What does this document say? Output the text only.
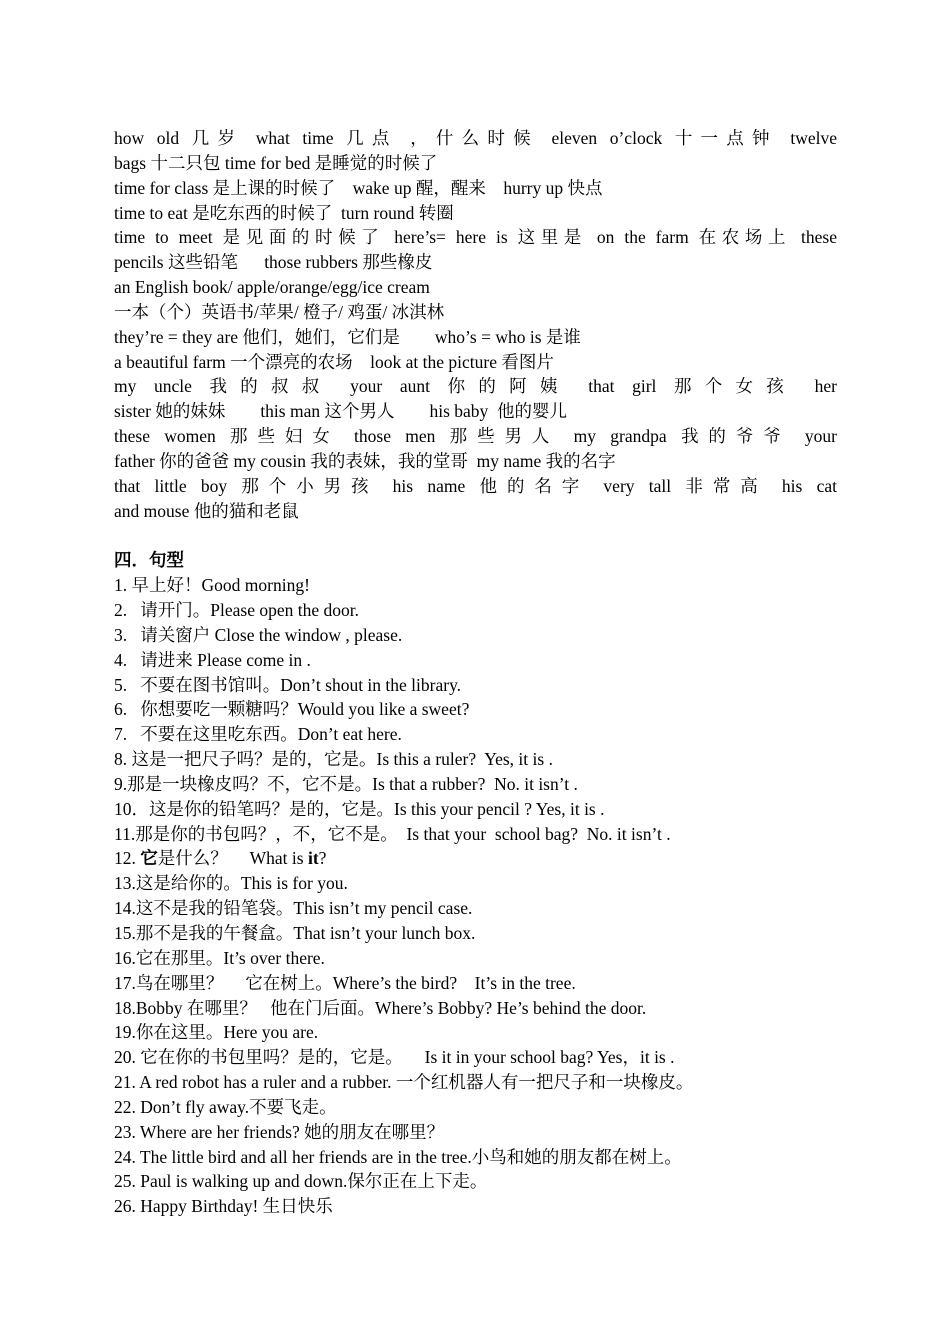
how old 几岁 what time 几点 ，什么时候 eleven o’clock 十一点钟 twelve
bags 十二只包 time for bed 是睡觉的时候了
time for class 是上课的时候了    wake up 醒，醒来    hurry up 快点
time to eat 是吃东西的时候了  turn round 转圈
time to meet 是见面的时候了 here’s= here is 这里是 on the farm 在农场上 these
pencils 这些铅笔      those rubbers 那些橡皮
an English book/ apple/orange/egg/ice cream
一本（个）英语书/苹果/ 橙子/ 鸡蛋/ 冰淇林
they’re = they are 他们，她们，它们是        who’s = who is 是谁
a beautiful farm 一个漂亮的农场    look at the picture 看图片
my uncle 我的叔叔 your aunt 你的阿姨 that girl 那个女孩 her
sister 她的妹妹        this man 这个男人        his baby  他的婴儿
these women 那些妇女 those men 那些男人 my grandpa 我的爷爷 your
father 你的爸爸 my cousin 我的表妹，我的堂哥  my name 我的名字
that little boy 那个小男孩 his name 他的名字 very tall 非常高 his cat
and mouse 他的猫和老鼠
四．句型
1. 早上好！Good morning!
2.   请开门。Please open the door.
3.   请关窗户 Close the window , please.
4.   请进来 Please come in .
5.   不要在图书馆叫。Don’t shout in the library.
6.   你想要吃一颗糖吗？Would you like a sweet?
7.   不要在这里吃东西。Don’t eat here.
8. 这是一把尺子吗？是的，它是。Is this a ruler?  Yes, it is .
9.那是一块橡皮吗？不，它不是。Is that a rubber?  No. it isn’t .
10．这是你的铅笔吗？是的，它是。Is this your pencil ? Yes, it is .
11.那是你的书包吗？，不，它不是。  Is that your  school bag?  No. it isn’t .
12. 它是什么？     What is it?
13.这是给你的。This is for you.
14.这不是我的铅笔袋。This isn’t my pencil case.
15.那不是我的午餐盒。That isn’t your lunch box.
16.它在那里。It’s over there.
17.鸟在哪里？     它在树上。Where’s the bird?    It’s in the tree.
18.Bobby 在哪里？   他在门后面。Where’s Bobby? He’s behind the door.
19.你在这里。Here you are.
20. 它在你的书包里吗？是的，它是。     Is it in your school bag? Yes，it is .
21. A red robot has a ruler and a rubber. 一个红机器人有一把尺子和一块橡皮。
22. Don’t fly away.不要飞走。
23. Where are her friends? 她的朋友在哪里？
24. The little bird and all her friends are in the tree.小鸟和她的朋友都在树上。
25. Paul is walking up and down.保尔正在上下走。
26. Happy Birthday! 生日快乐
